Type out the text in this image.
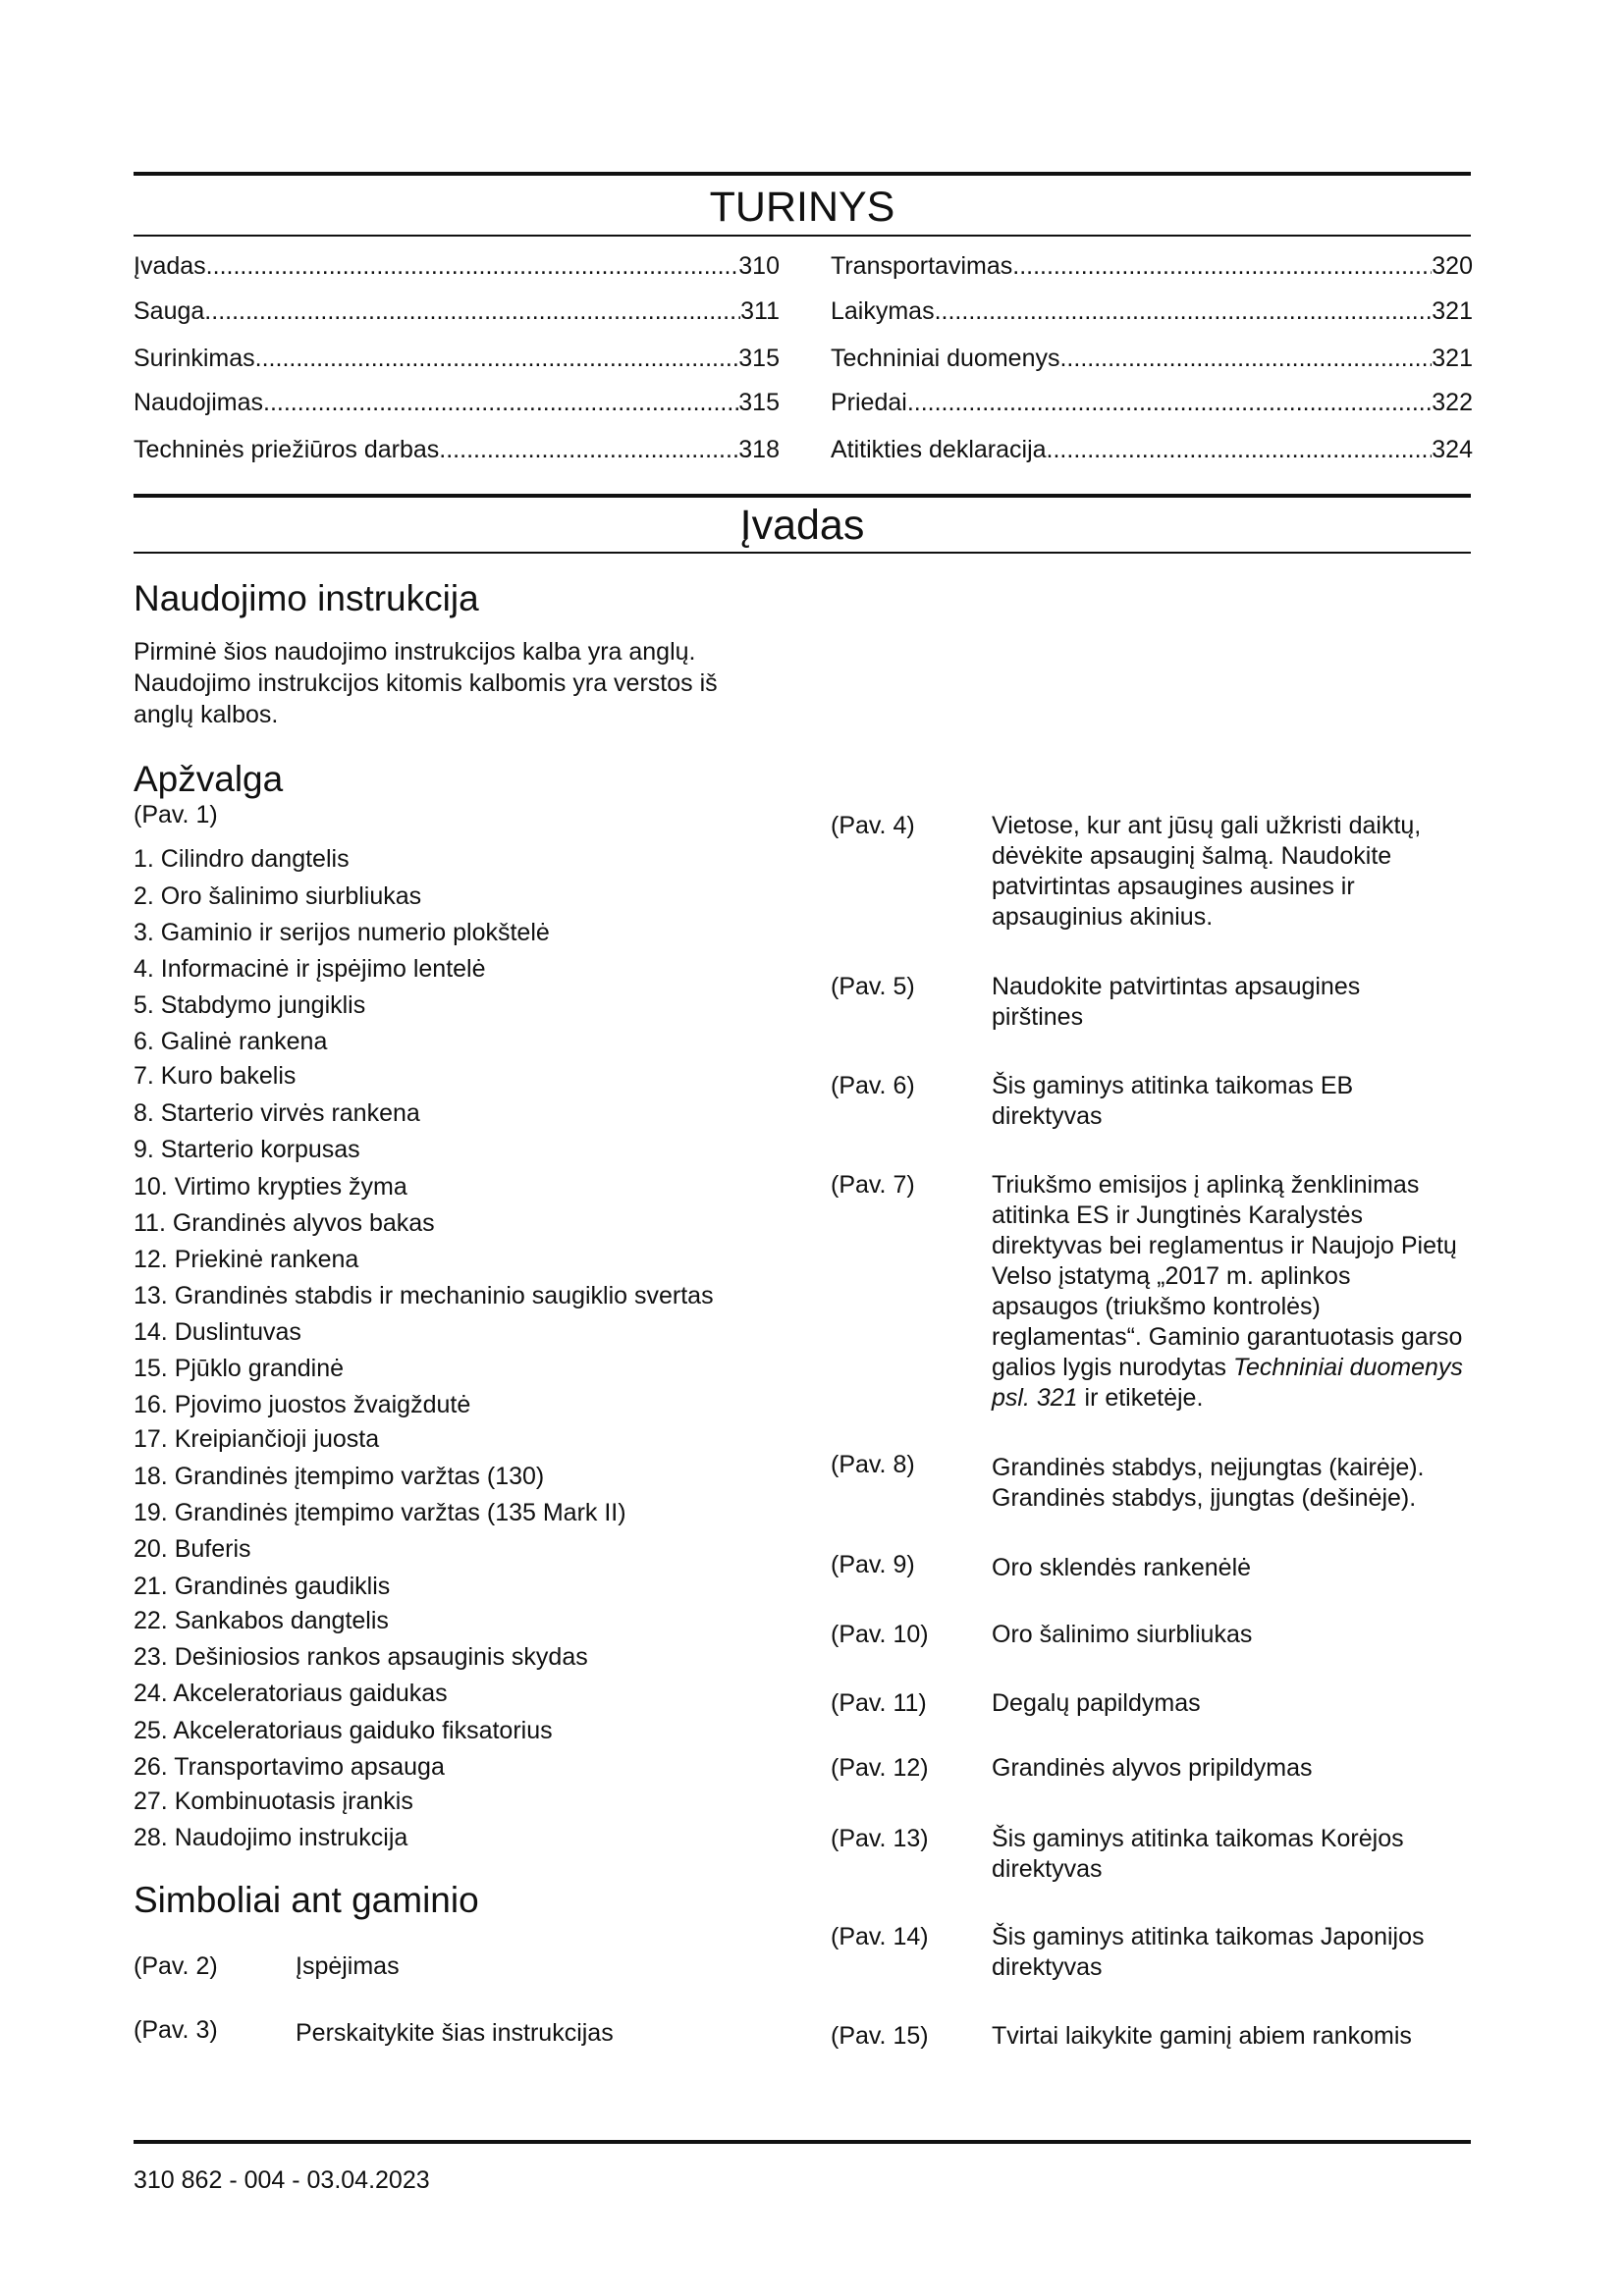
TURINYS
Įvadas .....	310
Sauga .....	311
Surinkimas .....	315
Naudojimas .....	315
Techninės priežiūros darbas .....	318
Transportavimas .....	320
Laikymas .....	321
Techniniai duomenys .....	321
Priedai .....	322
Atitikties deklaracija .....	324
Įvadas
Naudojimo instrukcija
Pirminė šios naudojimo instrukcijos kalba yra anglų. Naudojimo instrukcijos kitomis kalbomis yra verstos iš anglų kalbos.
Apžvalga
(Pav. 1)
1. Cilindro dangtelis
2. Oro šalinimo siurbliukas
3. Gaminio ir serijos numerio plokštelė
4. Informacinė ir įspėjimo lentelė
5. Stabdymo jungiklis
6. Galinė rankena
7. Kuro bakelis
8. Starterio virvės rankena
9. Starterio korpusas
10. Virtimo krypties žyma
11. Grandinės alyvos bakas
12. Priekinė rankena
13. Grandinės stabdis ir mechaninio saugiklio svertas
14. Duslintuvas
15. Pjūklo grandinė
16. Pjovimo juostos žvaigždutė
17. Kreipiančioji juosta
18. Grandinės įtempimo varžtas (130)
19. Grandinės įtempimo varžtas (135 Mark II)
20. Buferis
21. Grandinės gaudiklis
22. Sankabos dangtelis
23. Dešiniosios rankos apsauginis skydas
24. Akceleratoriaus gaidukas
25. Akceleratoriaus gaiduko fiksatorius
26. Transportavimo apsauga
27. Kombinuotasis įrankis
28. Naudojimo instrukcija
Simboliai ant gaminio
(Pav. 2)	Įspėjimas
(Pav. 3)	Perskaitykite šias instrukcijas
(Pav. 4)	Vietose, kur ant jūsų gali užkristi daiktų, dėvėkite apsauginį šalmą. Naudokite patvirtintas apsaugines ausines ir apsauginius akinius.
(Pav. 5)	Naudokite patvirtintas apsaugines pirštines
(Pav. 6)	Šis gaminys atitinka taikomas EB direktyvas
(Pav. 7)	Triukšmo emisijos į aplinką ženklinimas atitinka ES ir Jungtinės Karalystės direktyvas bei reglamentus ir Naujojo Pietų Velso įstatymą „2017 m. aplinkos apsaugos (triukšmo kontrolės) reglamentas“. Gaminio garantuotasis garso galios lygis nurodytas Techniniai duomenys psl. 321 ir etiketėje.
(Pav. 8)	Grandinės stabdys, neįjungtas (kairėje). Grandinės stabdys, įjungtas (dešinėje).
(Pav. 9)	Oro sklendės rankenėlė
(Pav. 10)	Oro šalinimo siurbliukas
(Pav. 11)	Degalų papildymas
(Pav. 12)	Grandinės alyvos pripildymas
(Pav. 13)	Šis gaminys atitinka taikomas Korėjos direktyvas
(Pav. 14)	Šis gaminys atitinka taikomas Japonijos direktyvas
(Pav. 15)	Tvirtai laikykite gaminį abiem rankomis
310 862 - 004 - 03.04.2023
